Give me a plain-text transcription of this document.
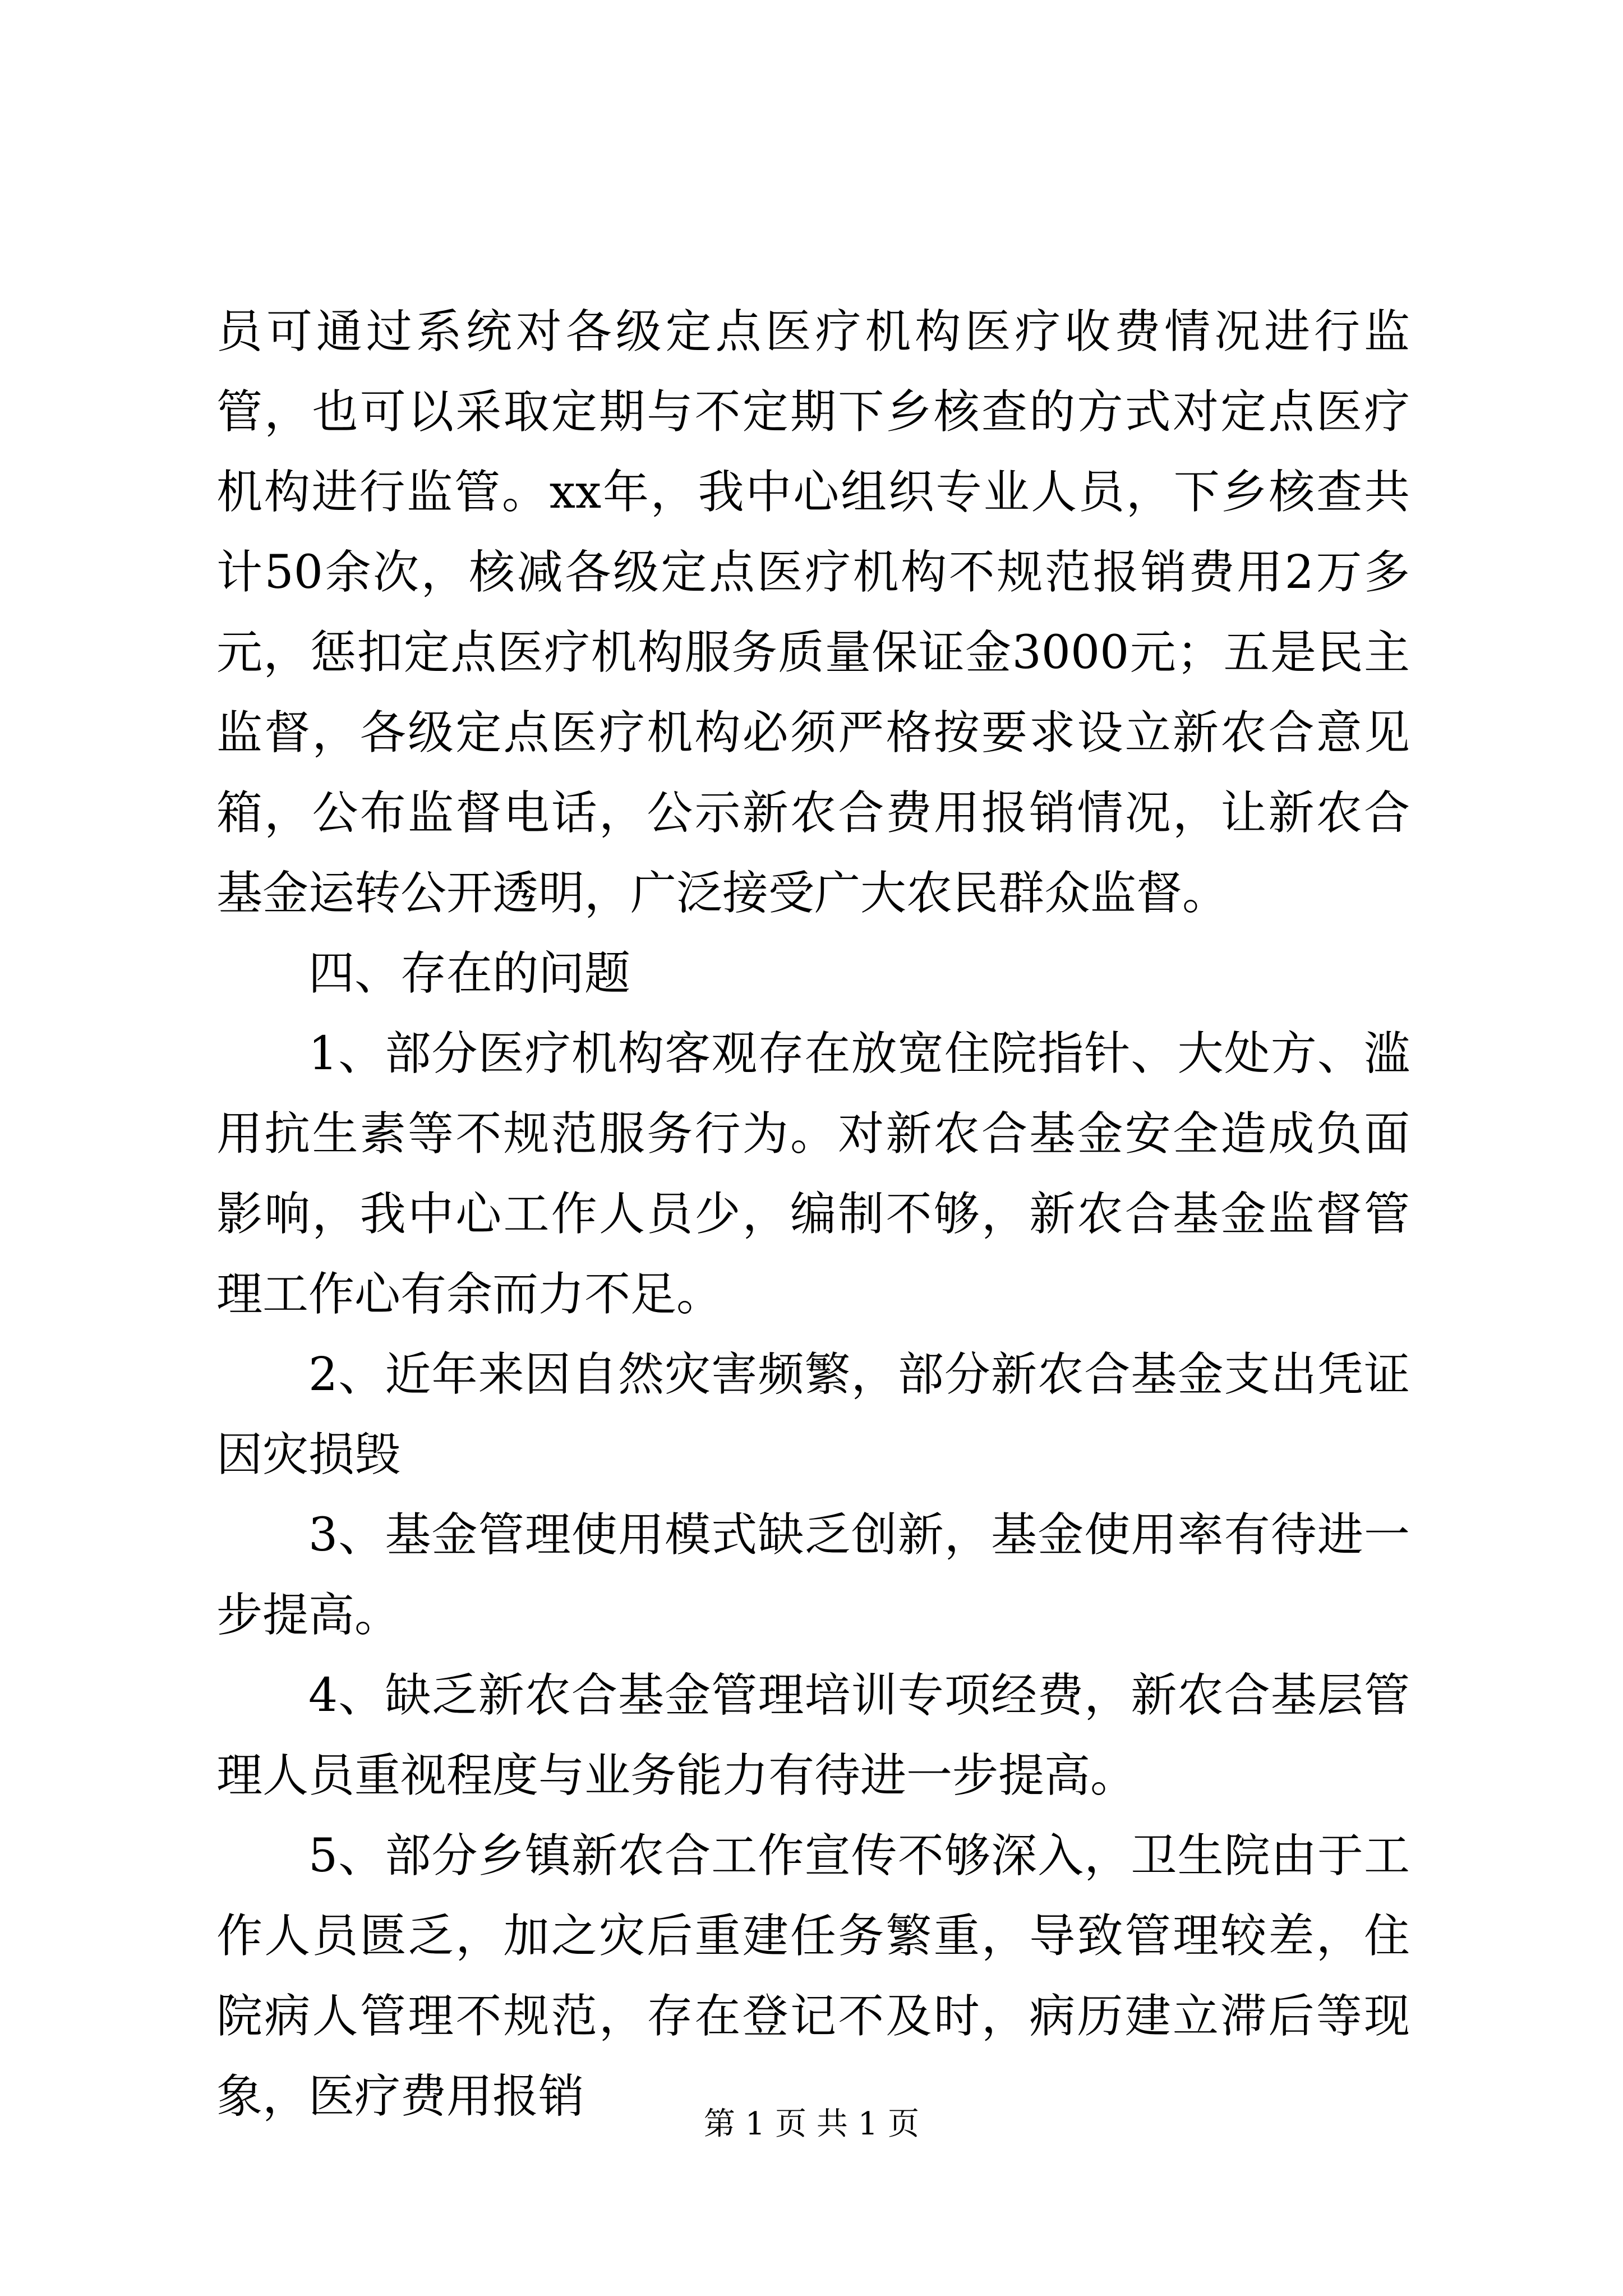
员可通过系统对各级定点医疗机构医疗收费情况进行监管，也可以采取定期与不定期下乡核查的方式对定点医疗机构进行监管。xx年，我中心组织专业人员，下乡核查共计50余次，核减各级定点医疗机构不规范报销费用2万多元，惩扣定点医疗机构服务质量保证金3000元；五是民主监督，各级定点医疗机构必须严格按要求设立新农合意见箱，公布监督电话，公示新农合费用报销情况，让新农合基金运转公开透明，广泛接受广大农民群众监督。

四、存在的问题

1、部分医疗机构客观存在放宽住院指针、大处方、滥用抗生素等不规范服务行为。对新农合基金安全造成负面影响，我中心工作人员少，编制不够，新农合基金监督管理工作心有余而力不足。

2、近年来因自然灾害频繁，部分新农合基金支出凭证因灾损毁

3、基金管理使用模式缺乏创新，基金使用率有待进一步提高。

4、缺乏新农合基金管理培训专项经费，新农合基层管理人员重视程度与业务能力有待进一步提高。

5、部分乡镇新农合工作宣传不够深入，卫生院由于工作人员匮乏，加之灾后重建任务繁重，导致管理较差，住院病人管理不规范，存在登记不及时，病历建立滞后等现象，医疗费用报销

第 1 页 共 1 页
